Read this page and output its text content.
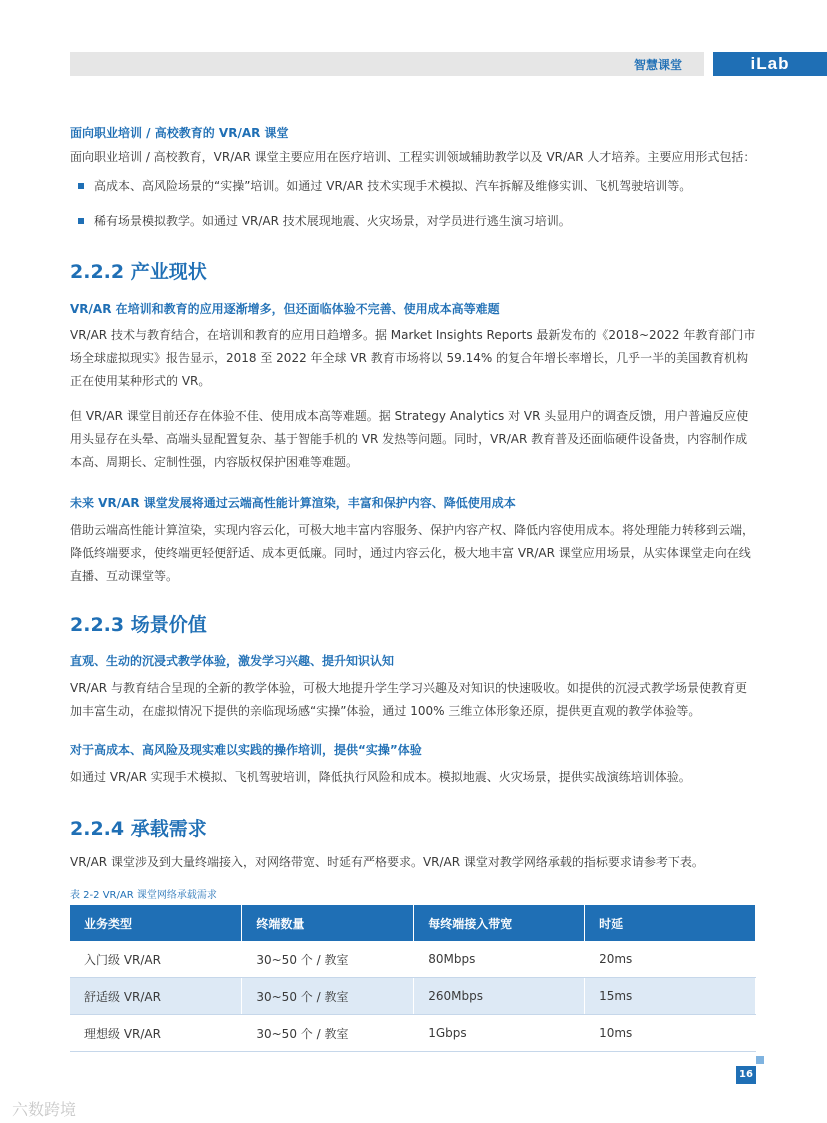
智慧课堂	iLab
面向职业培训 / 高校教育的 VR/AR 课堂
面向职业培训 / 高校教育，VR/AR 课堂主要应用在医疗培训、工程实训领域辅助教学以及 VR/AR 人才培养。主要应用形式包括：
高成本、高风险场景的“实操”培训。如通过 VR/AR 技术实现手术模拟、汽车拆解及维修实训、飞机驾驶培训等。
稀有场景模拟教学。如通过 VR/AR 技术展现地震、火灾场景，对学员进行逃生演习培训。
2.2.2 产业现状
VR/AR 在培训和教育的应用逐渐增多，但还面临体验不完善、使用成本高等难题
VR/AR 技术与教育结合，在培训和教育的应用日趋增多。据 Market Insights Reports 最新发布的《2018~2022 年教育部门市场全球虚拟现实》报告显示，2018 至 2022 年全球 VR 教育市场将以 59.14% 的复合年增长率增长，几乎一半的美国教育机构正在使用某种形式的 VR。
但 VR/AR 课堂目前还存在体验不佳、使用成本高等难题。据 Strategy Analytics 对 VR 头显用户的调查反馈，用户普遍反应使用头显存在头晕、高端头显配置复杂、基于智能手机的 VR 发热等问题。同时，VR/AR 教育普及还面临硬件设备贵，内容制作成本高、周期长、定制性强，内容版权保护困难等难题。
未来 VR/AR 课堂发展将通过云端高性能计算渲染，丰富和保护内容、降低使用成本
借助云端高性能计算渲染，实现内容云化，可极大地丰富内容服务、保护内容产权、降低内容使用成本。将处理能力转移到云端，降低终端要求，使终端更轻便舒适、成本更低廉。同时，通过内容云化，极大地丰富 VR/AR 课堂应用场景，从实体课堂走向在线直播、互动课堂等。
2.2.3 场景价值
直观、生动的沉浸式教学体验，激发学习兴趣、提升知识认知
VR/AR 与教育结合呈现的全新的教学体验，可极大地提升学生学习兴趣及对知识的快速吸收。如提供的沉浸式教学场景使教育更加丰富生动，在虚拟情况下提供的亲临现场感“实操”体验，通过 100% 三维立体形象还原，提供更直观的教学体验等。
对于高成本、高风险及现实难以实践的操作培训，提供“实操”体验
如通过 VR/AR 实现手术模拟、飞机驾驶培训，降低执行风险和成本。模拟地震、火灾场景，提供实战演练培训体验。
2.2.4 承载需求
VR/AR 课堂涉及到大量终端接入，对网络带宽、时延有严格要求。VR/AR 课堂对教学网络承载的指标要求请参考下表。
表 2-2 VR/AR 课堂网络承载需求
业务类型	终端数量	每终端接入带宽	时延
入门级 VR/AR	30~50 个 / 教室	80Mbps	20ms
舒适级 VR/AR	30~50 个 / 教室	260Mbps	15ms
理想级 VR/AR	30~50 个 / 教室	1Gbps	10ms
16
六数跨境
